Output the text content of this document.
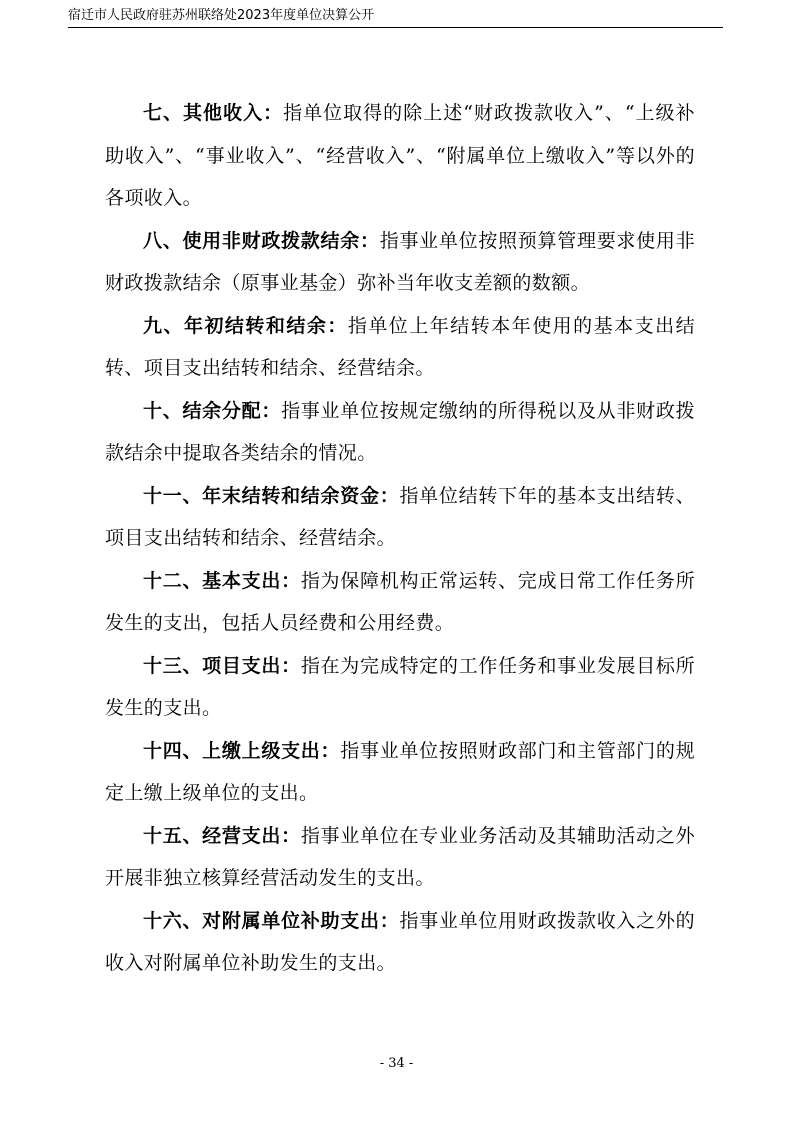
宿迁市人民政府驻苏州联络处2023年度单位决算公开

七、其他收入：指单位取得的除上述“财政拨款收入”、“上级补助收入”、“事业收入”、“经营收入”、“附属单位上缴收入”等以外的各项收入。

八、使用非财政拨款结余：指事业单位按照预算管理要求使用非财政拨款结余（原事业基金）弥补当年收支差额的数额。

九、年初结转和结余：指单位上年结转本年使用的基本支出结转、项目支出结转和结余、经营结余。

十、结余分配：指事业单位按规定缴纳的所得税以及从非财政拨款结余中提取各类结余的情况。

十一、年末结转和结余资金：指单位结转下年的基本支出结转、项目支出结转和结余、经营结余。

十二、基本支出：指为保障机构正常运转、完成日常工作任务所发生的支出，包括人员经费和公用经费。

十三、项目支出：指在为完成特定的工作任务和事业发展目标所发生的支出。

十四、上缴上级支出：指事业单位按照财政部门和主管部门的规定上缴上级单位的支出。

十五、经营支出：指事业单位在专业业务活动及其辅助活动之外开展非独立核算经营活动发生的支出。

十六、对附属单位补助支出：指事业单位用财政拨款收入之外的收入对附属单位补助发生的支出。

- 34 -
